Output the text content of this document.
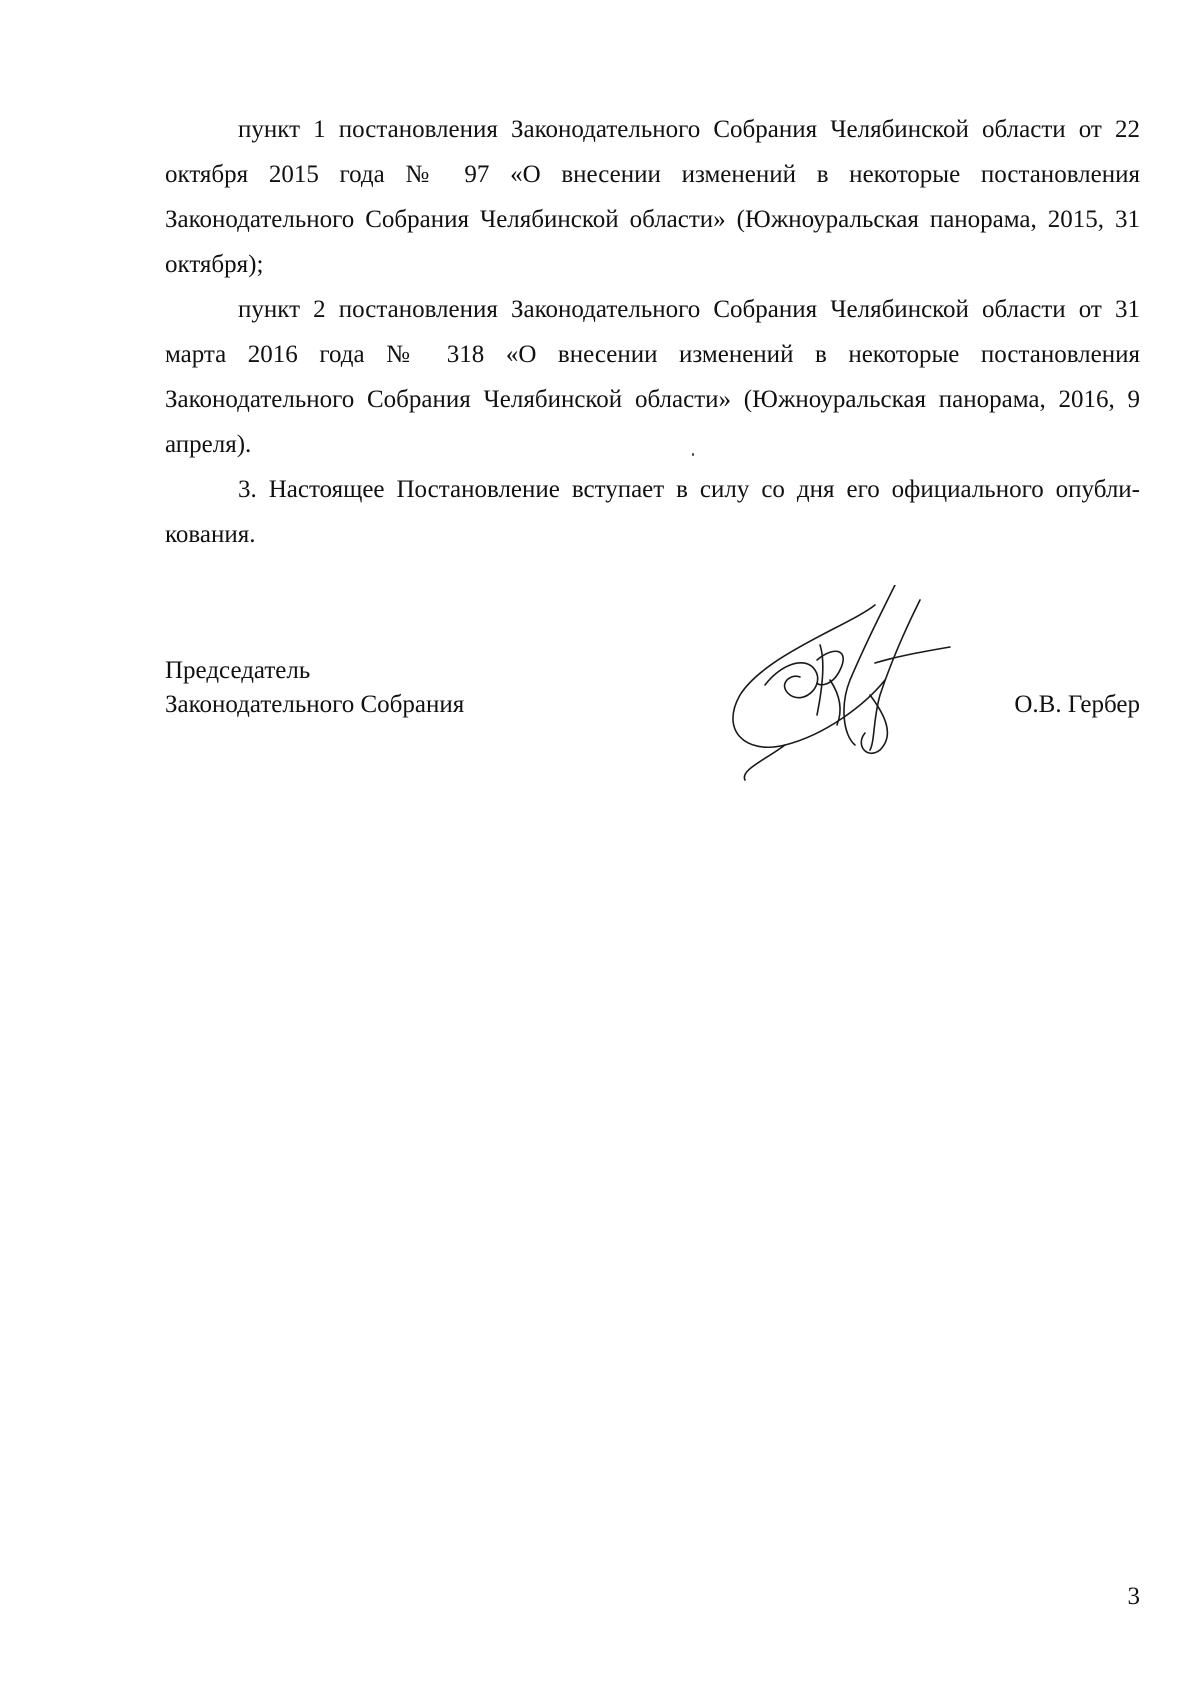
пункт 1 постановления Законодательного Собрания Челябинской области от 22 октября 2015 года № 97 «О внесении изменений в некоторые постановления Законодательного Собрания Челябинской области» (Южноуральская панорама, 2015, 31 октября);

пункт 2 постановления Законодательного Собрания Челябинской области от 31 марта 2016 года № 318 «О внесении изменений в некоторые постановления Законодательного Собрания Челябинской области» (Южноуральская панорама, 2016, 9 апреля).

3. Настоящее Постановление вступает в силу со дня его официального опубли-кования.

Председатель
Законодательного Собрания	О.В. Гербер
3
